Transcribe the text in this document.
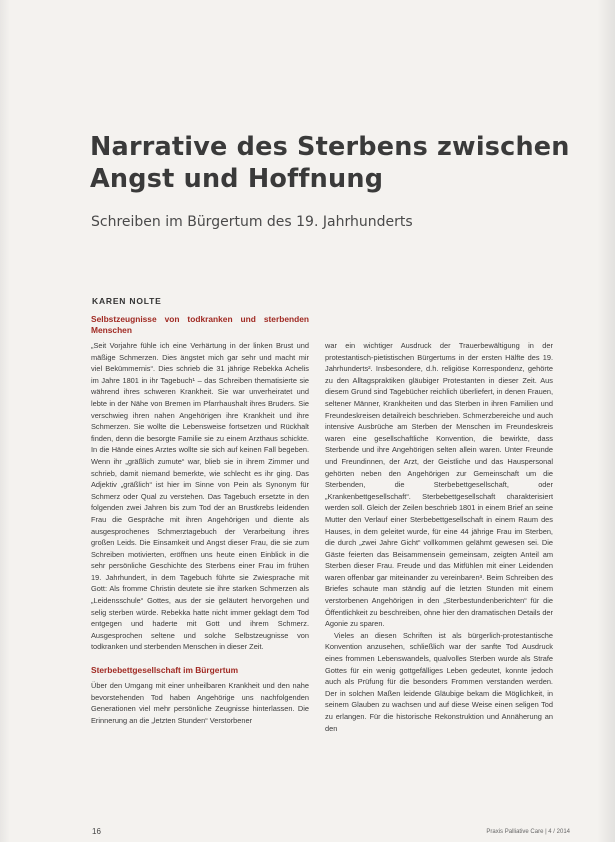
Narrative des Sterbens zwischen Angst und Hoffnung
Schreiben im Bürgertum des 19. Jahrhunderts
KAREN NOLTE
Selbstzeugnisse von todkranken und sterbenden Menschen

„Seit Vorjahre fühle ich eine Verhärtung in der linken Brust und mäßige Schmerzen. Dies ängstet mich gar sehr und macht mir viel Bekümmernis“. Dies schrieb die 31 jährige Rebekka Achelis im Jahre 1801 in ihr Tagebuch¹ – das Schreiben thematisierte sie während ihres schweren Krankheit. Sie war unverheiratet und lebte in der Nähe von Bremen im Pfarrhaushalt ihres Bruders. Sie verschwieg ihren nahen Angehörigen ihre Krankheit und ihre Schmerzen. Sie wollte die Lebensweise fortsetzen und Rückhalt finden, denn die besorgte Familie sie zu einem Arzthaus schickte. In die Hände eines Arztes wollte sie sich auf keinen Fall begeben. Wenn ihr „gräßlich zumute“ war, blieb sie in ihrem Zimmer und schrieb, damit niemand bemerkte, wie schlecht es ihr ging. Das Adjektiv „gräßlich“ ist hier im Sinne von Pein als Synonym für Schmerz oder Qual zu verstehen. Das Tagebuch ersetzte in den folgenden zwei Jahren bis zum Tod der an Brustkrebs leidenden Frau die Gespräche mit ihren Angehörigen und diente als ausgesprochenes Schmerztagebuch der Verarbeitung ihres großen Leids. Die Einsamkeit und Angst dieser Frau, die sie zum Schreiben motivierten, eröffnen uns heute einen Einblick in die sehr persönliche Geschichte des Sterbens einer Frau im frühen 19. Jahrhundert, in dem Tagebuch führte sie Zwiesprache mit Gott: Als fromme Christin deutete sie ihre starken Schmerzen als „Leidensschule“ Gottes, aus der sie geläutert hervorgehen und selig sterben würde. Rebekka hatte nicht immer geklagt dem Tod entgegen und haderte mit Gott und ihrem Schmerz. Ausgesprochen seltene und solche Selbstzeugnisse von todkranken und sterbenden Menschen in dieser Zeit.

Sterbebettgesellschaft im Bürgertum

Über den Umgang mit einer unheilbaren Krankheit und den nahe bevorstehenden Tod haben Angehörige uns nachfolgenden Generationen viel mehr persönliche Zeugnisse hinterlassen. Die Erinnerung an die „letzten Stunden“ Verstorbener

war ein wichtiger Ausdruck der Trauerbewältigung in der protestantisch-pietistischen Bürgertums in der ersten Hälfte des 19. Jahrhunderts². Insbesondere, d.h. religiöse Korrespondenz, gehörte zu den Alltagspraktiken gläubiger Protestanten in dieser Zeit. Aus diesem Grund sind Tagebücher reichlich überliefert, in denen Frauen, seltener Männer, Krankheiten und das Sterben in ihren Familien und Freundeskreisen detailreich beschrieben. Schmerzbereiche und auch intensive Ausbrüche am Sterben der Menschen im Freundeskreis waren eine gesellschaftliche Konvention, die bewirkte, dass Sterbende und ihre Angehörigen selten allein waren. Unter Freunde und Freundinnen, der Arzt, der Geistliche und das Hauspersonal gehörten neben den Angehörigen zur Gemeinschaft um die Sterbenden, die Sterbebettgesellschaft, oder „Krankenbettgesellschaft“. Sterbebettgesellschaft charakterisiert werden soll. Gleich der Zeilen beschrieb 1801 in einem Brief an seine Mutter den Verlauf einer Sterbebettgesellschaft in einem Raum des Hauses, in dem geleitet wurde, für eine 44 jährige Frau im Sterben, die durch „zwei Jahre Gicht“ vollkommen gelähmt gewesen sei. Die Gäste feierten das Beisammensein gemeinsam, zeigten Anteil am Sterben dieser Frau. Freude und das Mitfühlen mit einer Leidenden waren offenbar gar miteinander zu vereinbaren³. Beim Schreiben des Briefes schaute man ständig auf die letzten Stunden mit einem verstorbenen Angehörigen in den „Sterbestundenberichten“ für die Öffentlichkeit zu beschreiben, ohne hier den dramatischen Details der Agonie zu sparen.

Vieles an diesen Schriften ist als bürgerlich-protestantische Konvention anzusehen, schließlich war der sanfte Tod Ausdruck eines frommen Lebenswandels, qualvolles Sterben wurde als Strafe Gottes für ein wenig gottgefälliges Leben gedeutet, konnte jedoch auch als Prüfung für die besonders Frommen verstanden werden. Der in solchen Maßen leidende Gläubige bekam die Möglichkeit, in seinem Glauben zu wachsen und auf diese Weise einen seligen Tod zu erlangen. Für die historische Rekonstruktion und Annäherung an den

16	Praxis Palliative Care | 4 / 2014
